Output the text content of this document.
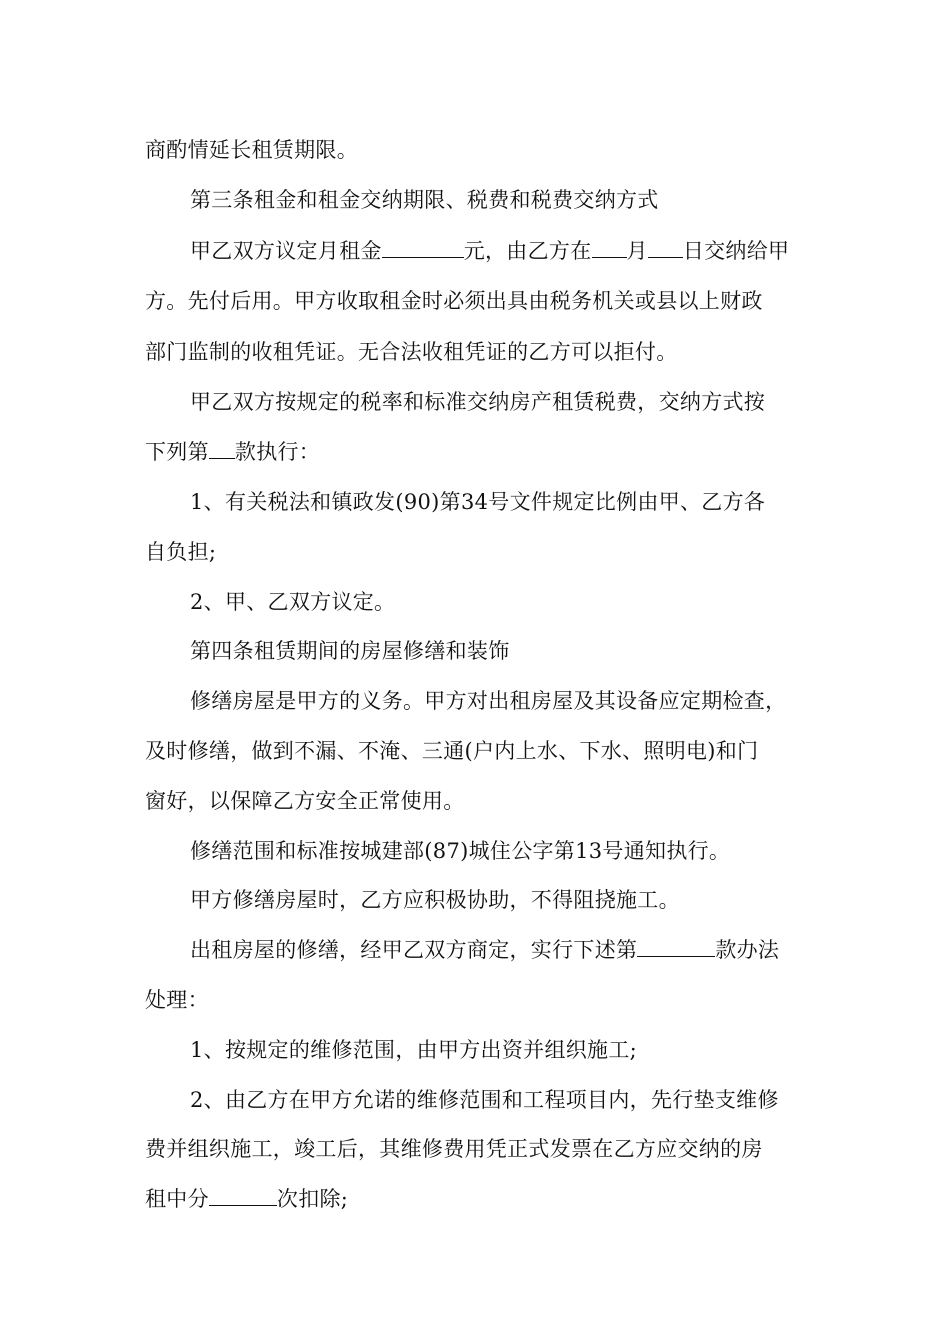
商酌情延长租赁期限。
第三条租金和租金交纳期限、税费和税费交纳方式
甲乙双方议定月租金	元，由乙方在 月 日交纳给甲
方。先付后用。甲方收取租金时必须出具由税务机关或县以上财政
部门监制的收租凭证。无合法收租凭证的乙方可以拒付。
甲乙双方按规定的税率和标准交纳房产租赁税费，交纳方式按
下列第 款执行：
1、有关税法和镇政发(90)第34号文件规定比例由甲、乙方各
自负担;
2、甲、乙双方议定。
第四条租赁期间的房屋修缮和装饰
修缮房屋是甲方的义务。甲方对出租房屋及其设备应定期检查，
及时修缮，做到不漏、不淹、三通(户内上水、下水、照明电)和门
窗好，以保障乙方安全正常使用。
修缮范围和标准按城建部(87)城住公字第13号通知执行。
甲方修缮房屋时，乙方应积极协助，不得阻挠施工。
出租房屋的修缮，经甲乙双方商定，实行下述第	款办法
处理：
1、按规定的维修范围，由甲方出资并组织施工;
2、由乙方在甲方允诺的维修范围和工程项目内，先行垫支维修
费并组织施工，竣工后，其维修费用凭正式发票在乙方应交纳的房
租中分	次扣除;
